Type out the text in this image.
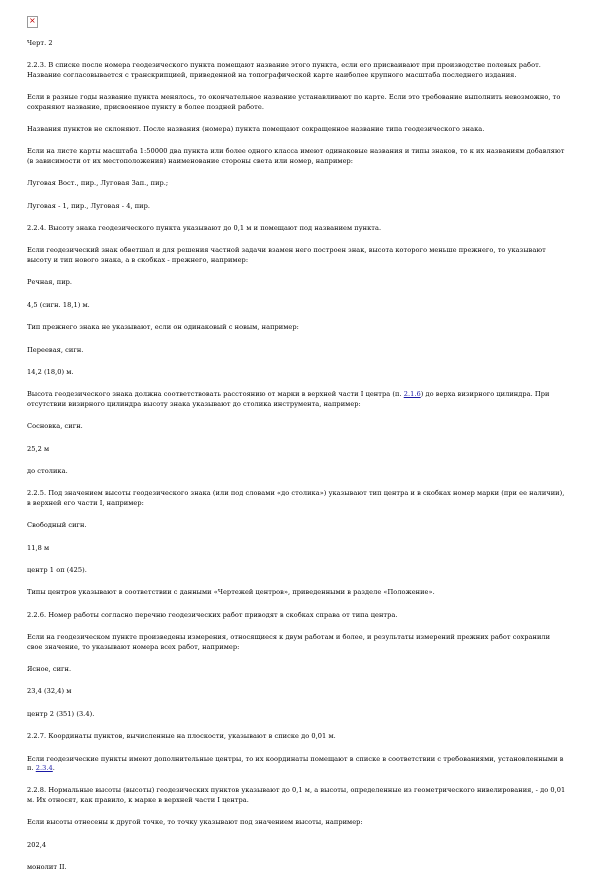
×

Черт. 2

2.2.3. В списке после номера геодезического пункта помещают название этого пункта, если его присваивают при производстве полевых работ. Название согласовывается с транскрипцией, приведенной на топографической карте наиболее крупного масштаба последнего издания.

Если в разные годы название пункта менялось, то окончательное название устанавливают по карте. Если это требование выполнить невозможно, то сохраняют название, присвоенное пункту в более поздней работе.

Названия пунктов не склоняют. После названия (номера) пункта помещают сокращенное название типа геодезического знака.

Если на листе карты масштаба 1:50000 два пункта или более одного класса имеют одинаковые названия и типы знаков, то к их названиям добавляют (в зависимости от их местоположения) наименование стороны света или номер, например:

Луговая Вост., пир., Луговая Зап., пир.;

Луговая - 1, пир., Луговая - 4, пир.

2.2.4. Высоту знака геодезического пункта указывают до 0,1 м и помещают под названием пункта.

Если геодезический знак обветшал и для решения частной задачи взамен него построен знак, высота которого меньше прежнего, то указывают высоту и тип нового знака, а в скобках - прежнего, например:

Речная, пир.

4,5 (сигн. 18,1) м.

Тип прежнего знака не указывают, если он одинаковый с новым, например:

Переевая, сигн.

14,2 (18,0) м.

Высота геодезического знака должна соответствовать расстоянию от марки в верхней части I центра (п. 2.1.6) до верха визирного цилиндра. При отсутствии визирного цилиндра высоту знака указывают до столика инструмента, например:

Сосновка, сигн.

25,2 м

до столика.

2.2.5. Под значением высоты геодезического знака (или под словами «до столика») указывают тип центра и в скобках номер марки (при ее наличии), в верхней его части I, например:

Свободный сигн.

11,8 м

центр 1 оп (425).

Типы центров указывают в соответствии с данными «Чертежей центров», приведенными в разделе «Положение».

2.2.6. Номер работы согласно перечню геодезических работ приводят в скобках справа от типа центра.

Если на геодезическом пункте произведены измерения, относящиеся к двум работам и более, и результаты измерений прежних работ сохранили свое значение, то указывают номера всех работ, например:

Ясное, сигн.

23,4 (32,4) м

центр 2 (351) (3.4).

2.2.7. Координаты пунктов, вычисленные на плоскости, указывают в списке до 0,01 м.

Если геодезические пункты имеют дополнительные центры, то их координаты помещают в списке в соответствии с требованиями, установленными в п. 2.3.4.

2.2.8. Нормальные высоты (высоты) геодезических пунктов указывают до 0,1 м, а высоты, определенные из геометрического нивелирования, - до 0,01 м. Их относят, как правило, к марке в верхней части I центра.

Если высоты отнесены к другой точке, то точку указывают под значением высоты, например:

202,4

монолит II.
